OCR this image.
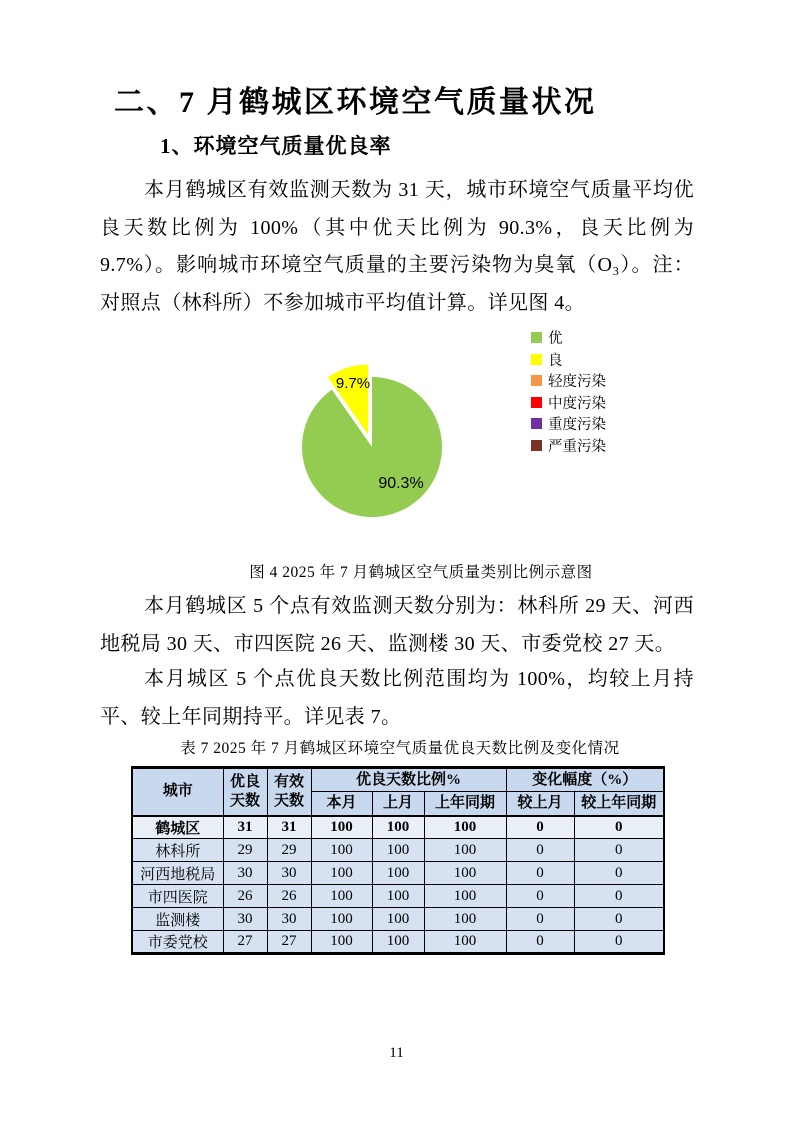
二、7 月鹤城区环境空气质量状况
1、环境空气质量优良率
本月鹤城区有效监测天数为 31 天，城市环境空气质量平均优良天数比例为 100%（其中优天比例为 90.3%，良天比例为 9.7%）。影响城市环境空气质量的主要污染物为臭氧（O₃）。注：对照点（林科所）不参加城市平均值计算。详见图 4。
9.7%
90.3%
优
良
轻度污染
中度污染
重度污染
严重污染
图 4 2025 年 7 月鹤城区空气质量类别比例示意图
本月鹤城区 5 个点有效监测天数分别为：林科所 29 天、河西地税局 30 天、市四医院 26 天、监测楼 30 天、市委党校 27 天。
本月城区 5 个点优良天数比例范围均为 100%，均较上月持平、较上年同期持平。详见表 7。
表 7 2025 年 7 月鹤城区环境空气质量优良天数比例及变化情况
城市	优良天数	有效天数	优良天数比例%			变化幅度（%）	
			本月	上月	上年同期	较上月	较上年同期
鹤城区	31	31	100	100	100	0	0
林科所	29	29	100	100	100	0	0
河西地税局	30	30	100	100	100	0	0
市四医院	26	26	100	100	100	0	0
监测楼	30	30	100	100	100	0	0
市委党校	27	27	100	100	100	0	0
11
